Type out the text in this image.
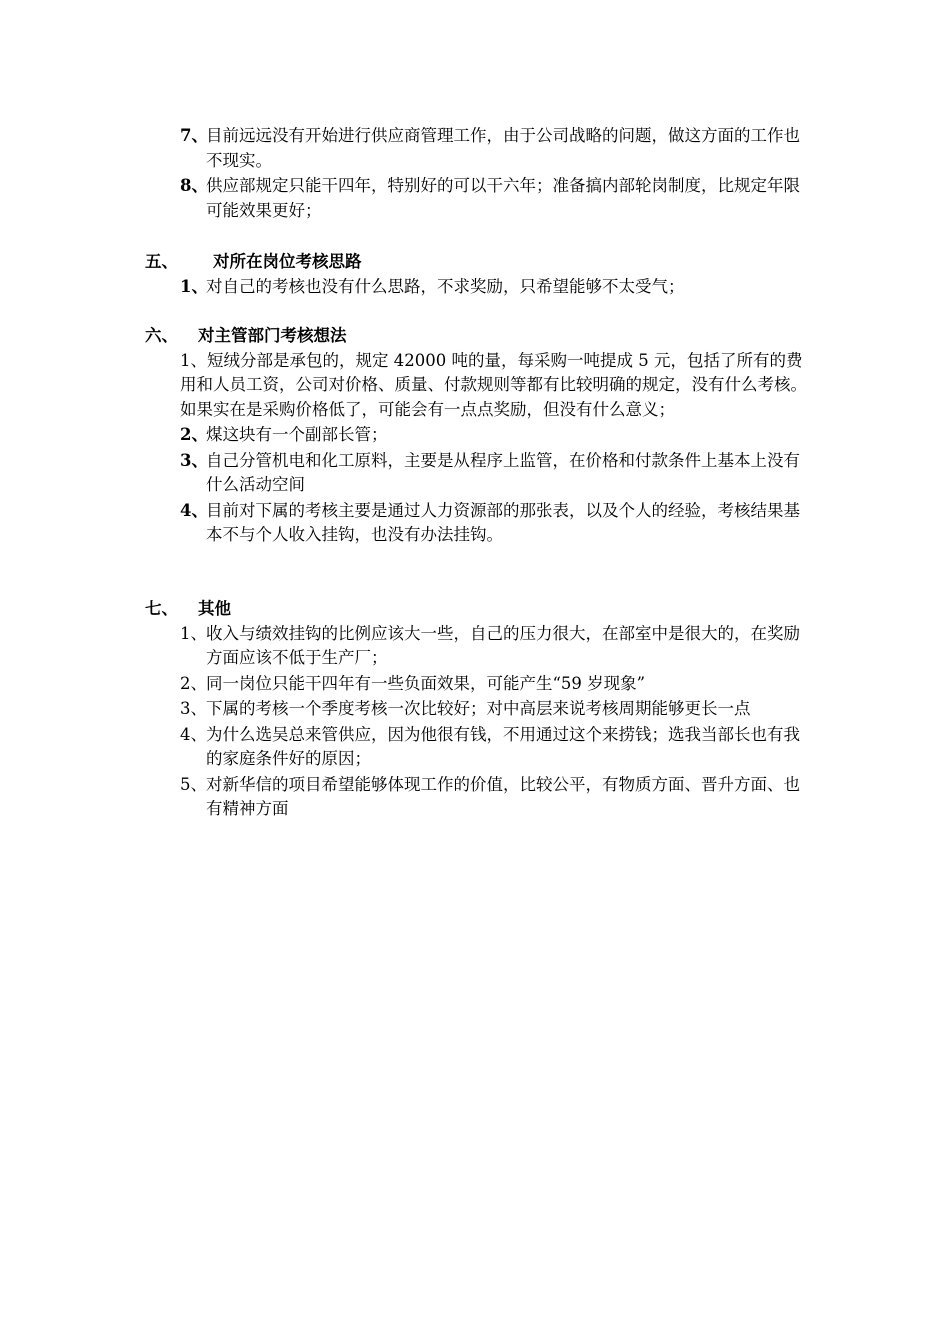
7、
目前远远没有开始进行供应商管理工作，由于公司战略的问题，做这方面的工作也不现实。
8、
供应部规定只能干四年，特别好的可以干六年；准备搞内部轮岗制度，比规定年限可能效果更好；
五、 对所在岗位考核思路
1、
对自己的考核也没有什么思路，不求奖励，只希望能够不太受气；
六、 对主管部门考核想法
1、短绒分部是承包的，规定 42000 吨的量，每采购一吨提成 5 元，包括了所有的费用和人员工资，公司对价格、质量、付款规则等都有比较明确的规定，没有什么考核。如果实在是采购价格低了，可能会有一点点奖励，但没有什么意义；
2、
煤这块有一个副部长管；
3、
自己分管机电和化工原料，主要是从程序上监管，在价格和付款条件上基本上没有什么活动空间
4、
目前对下属的考核主要是通过人力资源部的那张表，以及个人的经验，考核结果基本不与个人收入挂钩，也没有办法挂钩。
七、 其他
1、 收入与绩效挂钩的比例应该大一些，自己的压力很大，在部室中是很大的，在奖励方面应该不低于生产厂；
2、 同一岗位只能干四年有一些负面效果，可能产生“59 岁现象”
3、 下属的考核一个季度考核一次比较好；对中高层来说考核周期能够更长一点
4、 为什么选吴总来管供应，因为他很有钱，不用通过这个来捞钱；选我当部长也有我的家庭条件好的原因；
5、 对新华信的项目希望能够体现工作的价值，比较公平，有物质方面、晋升方面、也有精神方面
